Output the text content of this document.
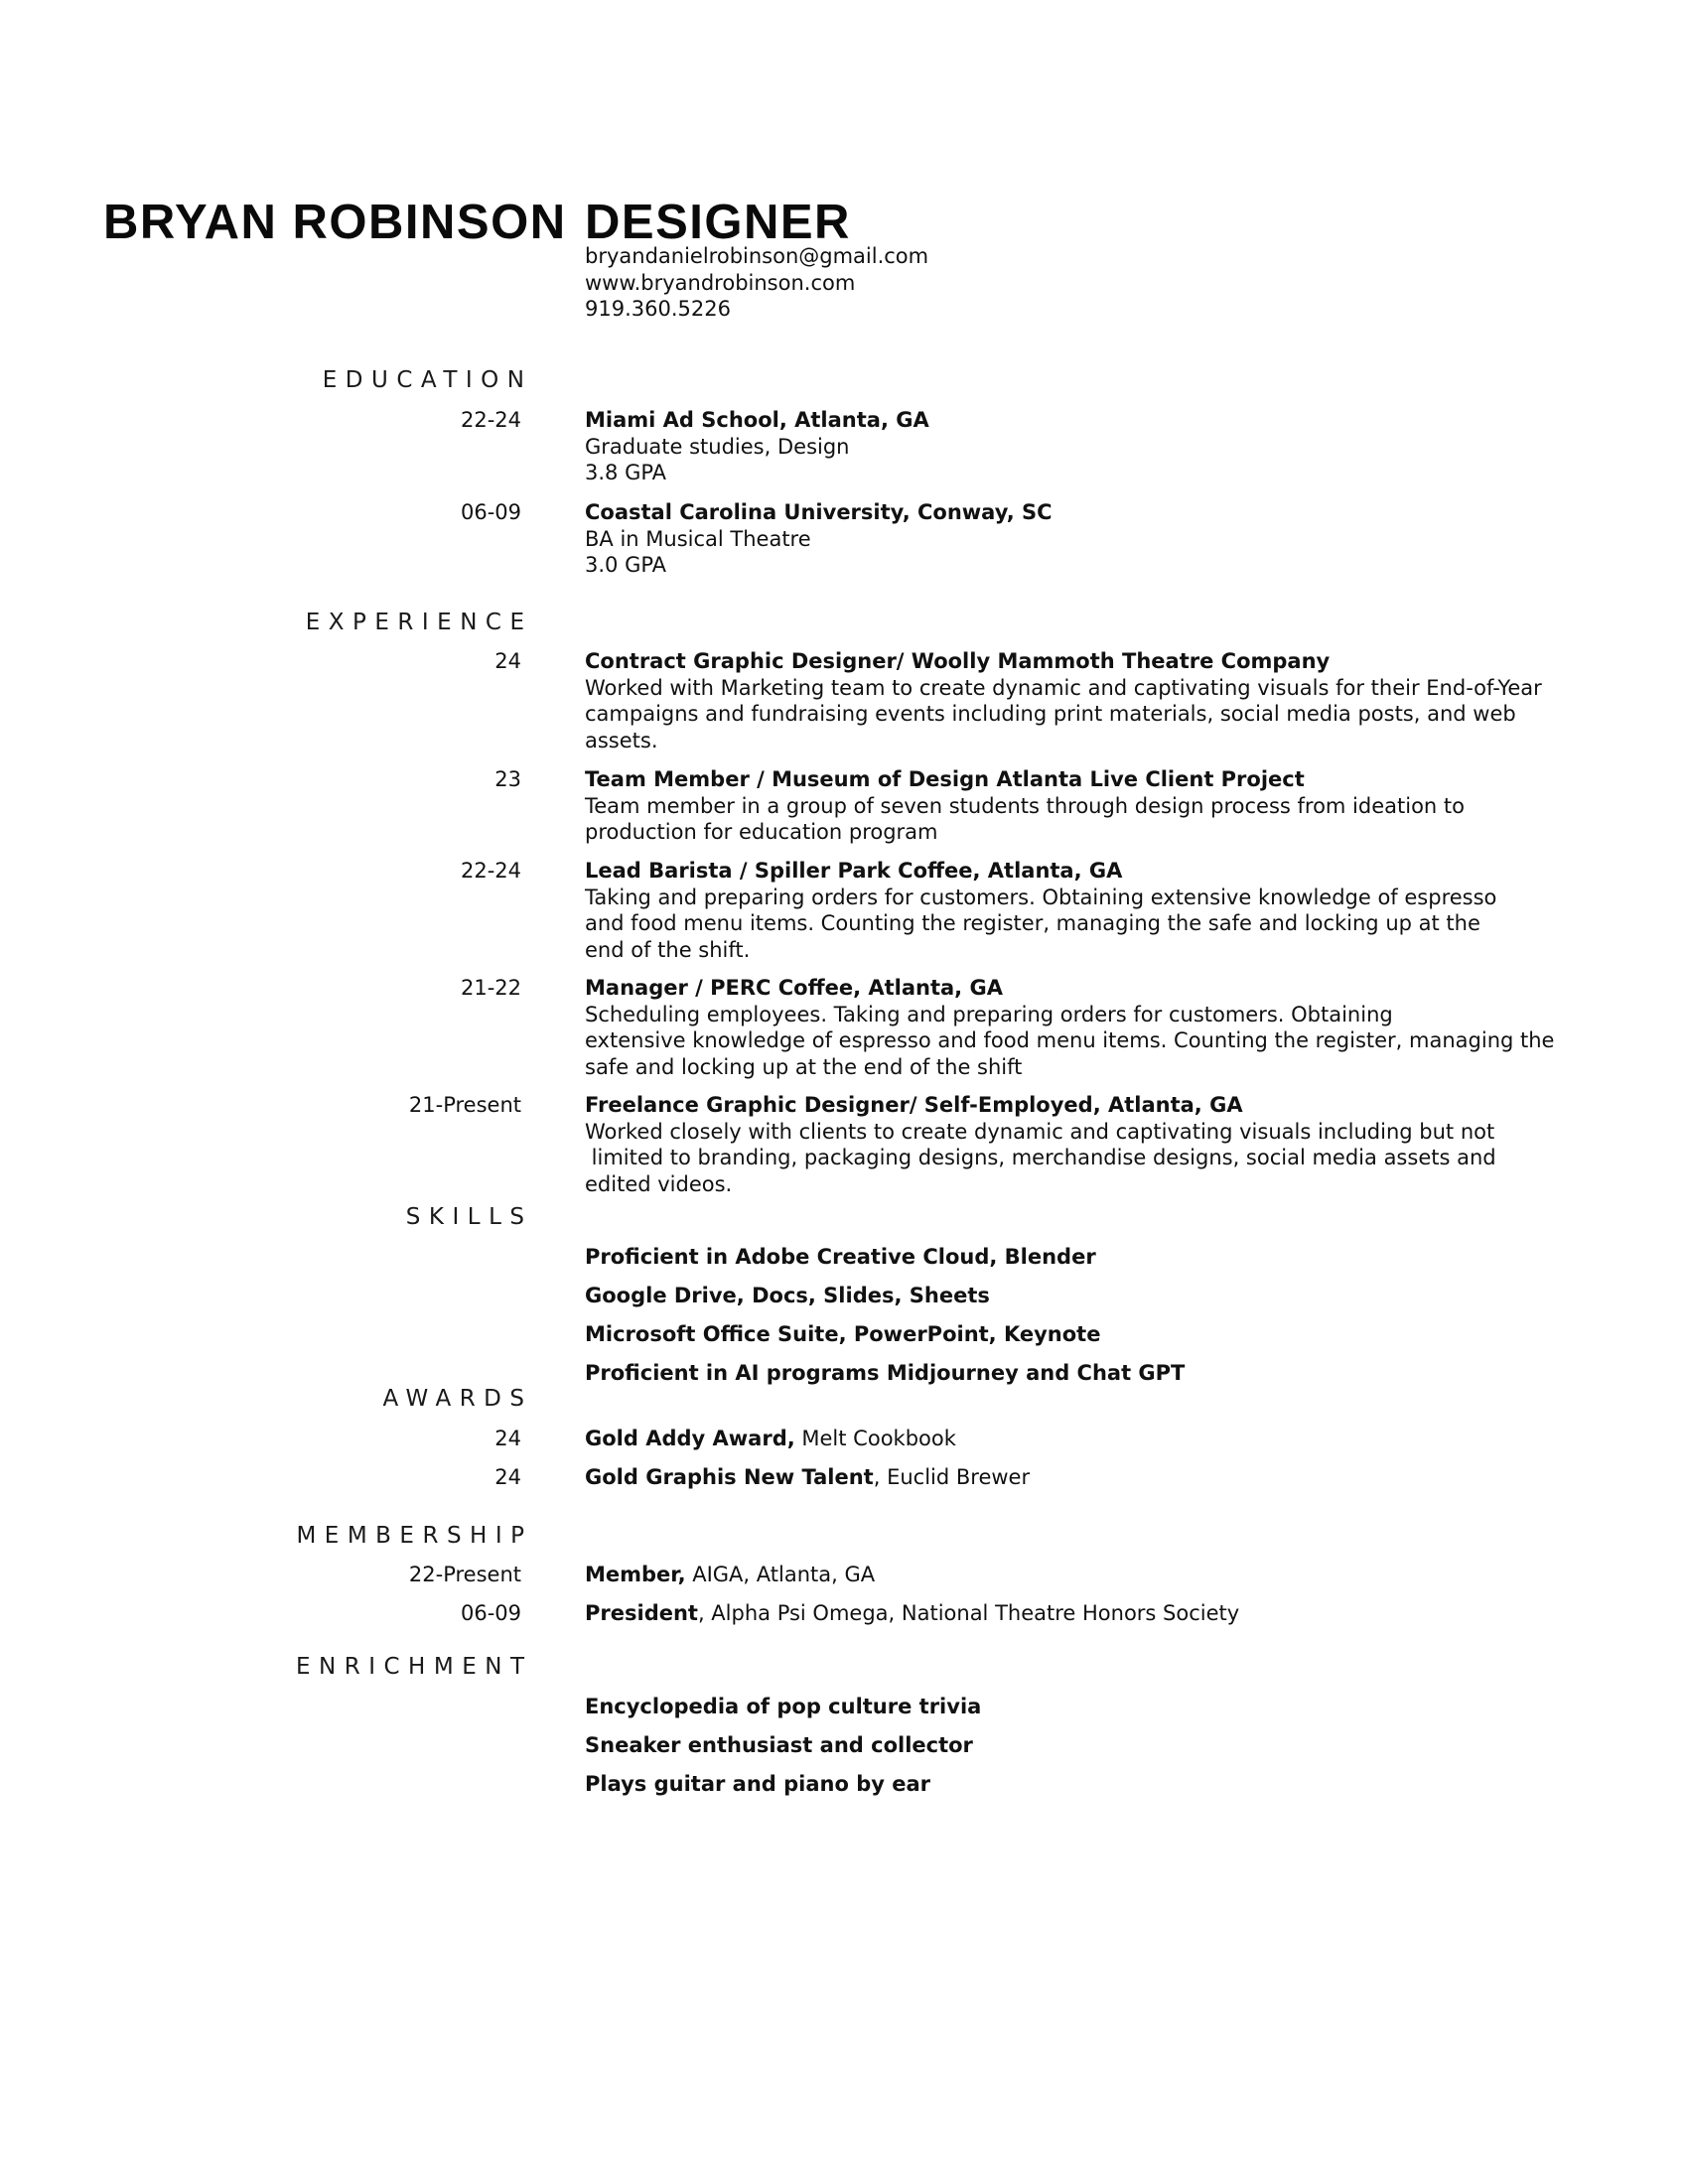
BRYAN ROBINSON DESIGNER
bryandanielrobinson@gmail.com
www.bryandrobinson.com
919.360.5226
EDUCATION
22-24	Miami Ad School, Atlanta, GA
Graduate studies, Design
3.8 GPA
06-09	Coastal Carolina University, Conway, SC
BA in Musical Theatre
3.0 GPA
EXPERIENCE
24	Contract Graphic Designer/ Woolly Mammoth Theatre Company
Worked with Marketing team to create dynamic and captivating visuals for their End-of-Year
campaigns and fundraising events including print materials, social media posts, and web
assets.
23	Team Member / Museum of Design Atlanta Live Client Project
Team member in a group of seven students through design process from ideation to
production for education program
22-24	Lead Barista / Spiller Park Coffee, Atlanta, GA
Taking and preparing orders for customers. Obtaining extensive knowledge of espresso
and food menu items. Counting the register, managing the safe and locking up at the
end of the shift.
21-22	Manager / PERC Coffee, Atlanta, GA
Scheduling employees. Taking and preparing orders for customers. Obtaining
extensive knowledge of espresso and food menu items. Counting the register, managing the
safe and locking up at the end of the shift
21-Present	Freelance Graphic Designer/ Self-Employed, Atlanta, GA
Worked closely with clients to create dynamic and captivating visuals including but not
limited to branding, packaging designs, merchandise designs, social media assets and
edited videos.
SKILLS
Proficient in Adobe Creative Cloud, Blender
Google Drive, Docs, Slides, Sheets
Microsoft Office Suite, PowerPoint, Keynote
Proficient in AI programs Midjourney and Chat GPT
AWARDS
24	Gold Addy Award, Melt Cookbook
24	Gold Graphis New Talent, Euclid Brewer
MEMBERSHIP
22-Present	Member, AIGA, Atlanta, GA
06-09	President, Alpha Psi Omega, National Theatre Honors Society
ENRICHMENT
Encyclopedia of pop culture trivia
Sneaker enthusiast and collector
Plays guitar and piano by ear
